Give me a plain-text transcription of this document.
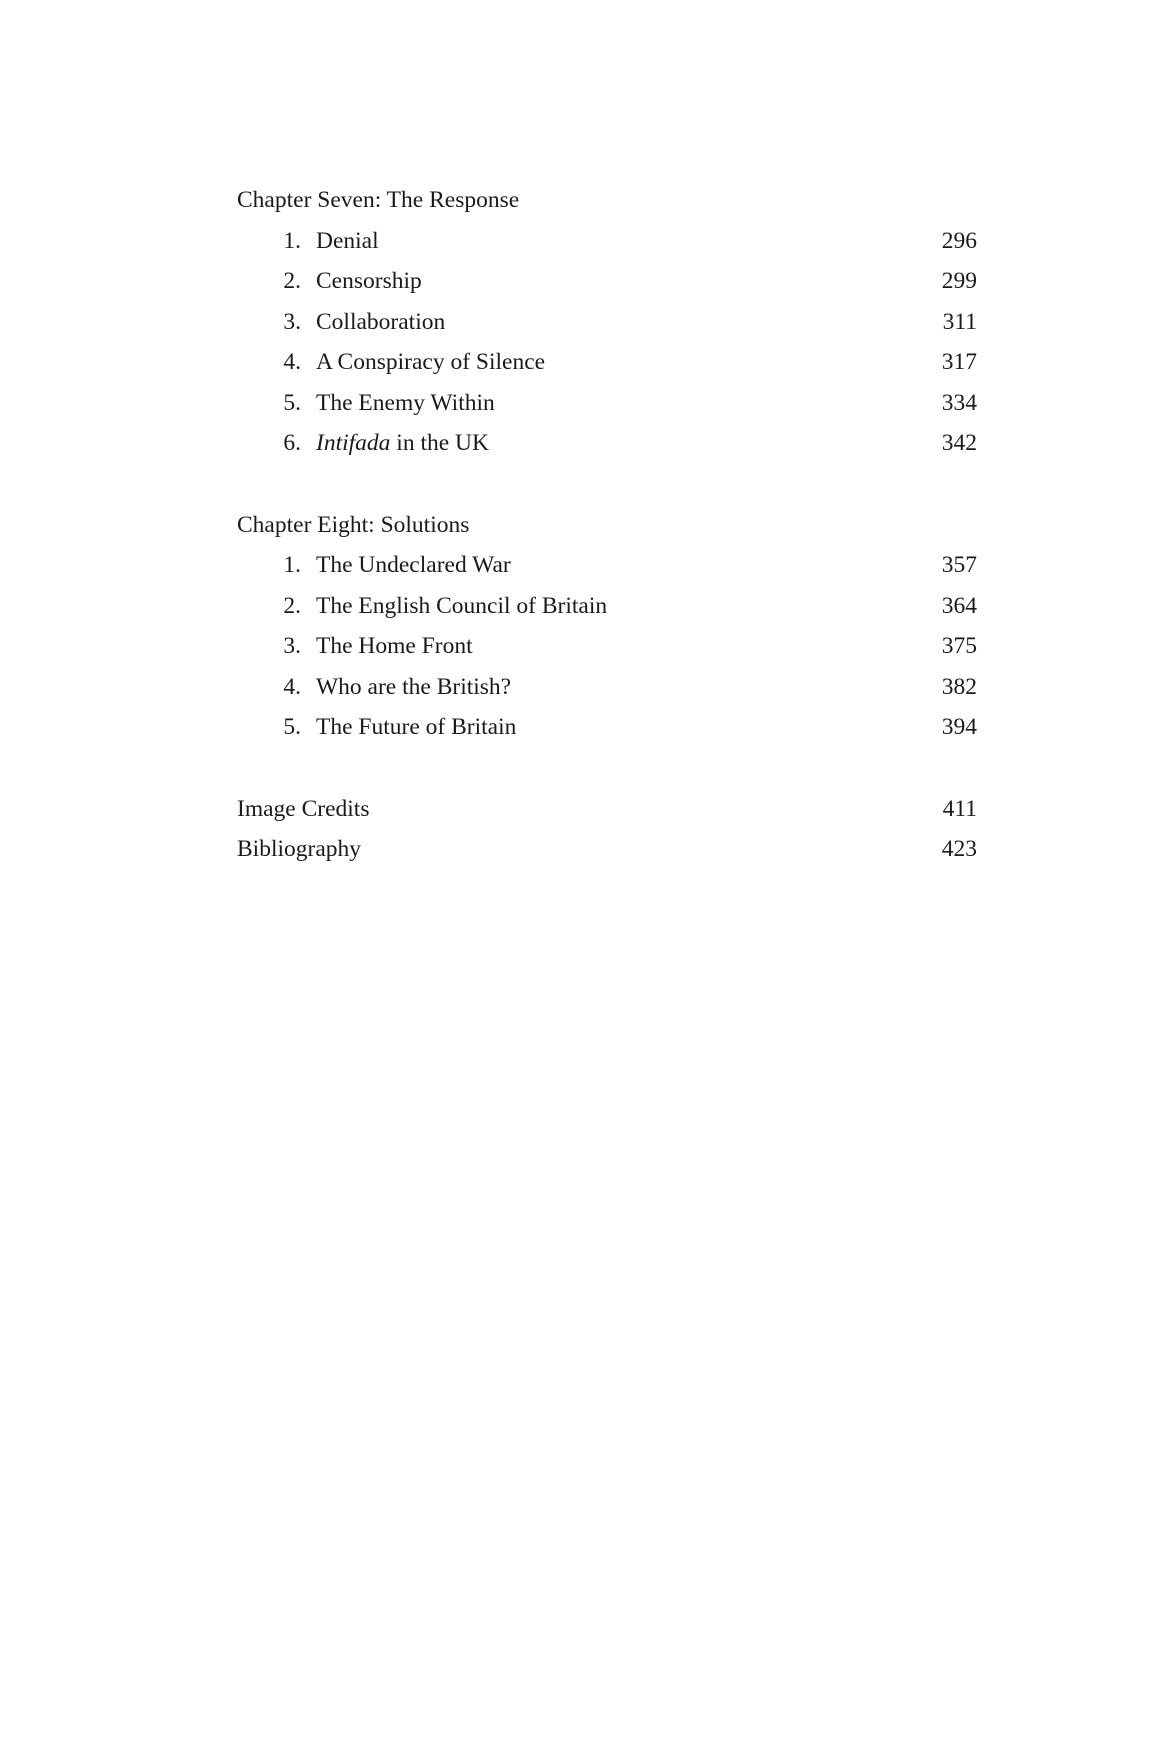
Chapter Seven: The Response
1. Denial	296
2. Censorship	299
3. Collaboration	311
4. A Conspiracy of Silence	317
5. The Enemy Within	334
6. Intifada in the UK	342
Chapter Eight: Solutions
1. The Undeclared War	357
2. The English Council of Britain	364
3. The Home Front	375
4. Who are the British?	382
5. The Future of Britain	394
Image Credits	411
Bibliography	423
